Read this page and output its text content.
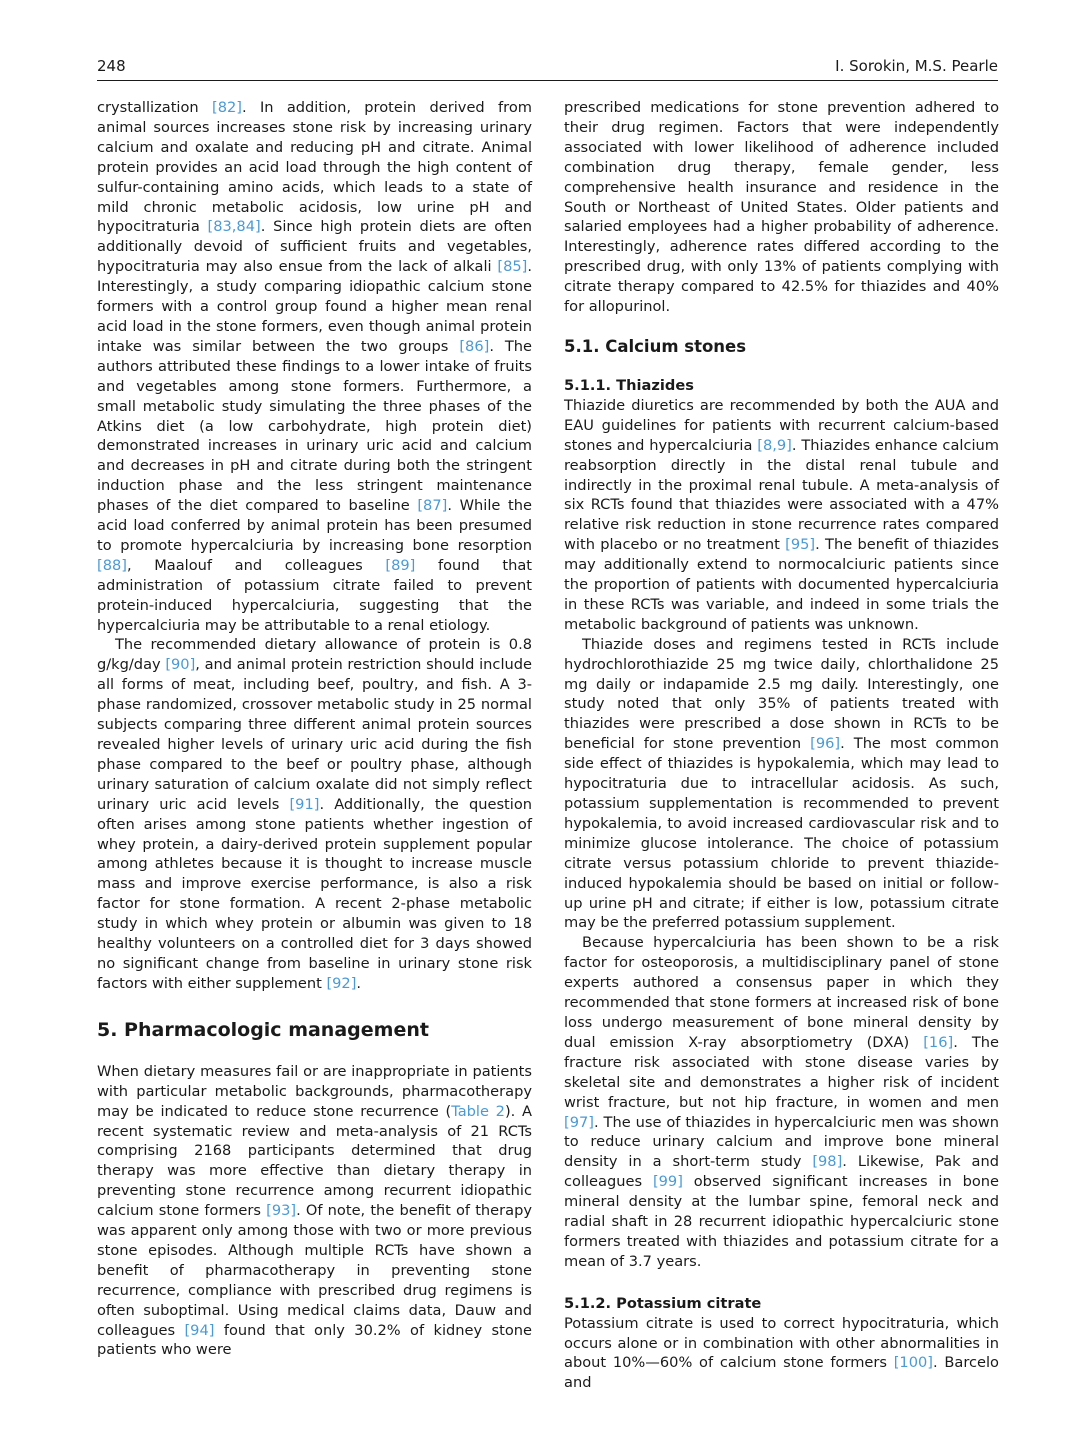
248	I. Sorokin, M.S. Pearle

crystallization [82]. In addition, protein derived from animal sources increases stone risk by increasing urinary calcium and oxalate and reducing pH and citrate. Animal protein provides an acid load through the high content of sulfur-containing amino acids, which leads to a state of mild chronic metabolic acidosis, low urine pH and hypocitraturia [83,84]. Since high protein diets are often additionally devoid of sufficient fruits and vegetables, hypocitraturia may also ensue from the lack of alkali [85]. Interestingly, a study comparing idiopathic calcium stone formers with a control group found a higher mean renal acid load in the stone formers, even though animal protein intake was similar between the two groups [86]. The authors attributed these findings to a lower intake of fruits and vegetables among stone formers. Furthermore, a small metabolic study simulating the three phases of the Atkins diet (a low carbohydrate, high protein diet) demonstrated increases in urinary uric acid and calcium and decreases in pH and citrate during both the stringent induction phase and the less stringent maintenance phases of the diet compared to baseline [87]. While the acid load conferred by animal protein has been presumed to promote hypercalciuria by increasing bone resorption [88], Maalouf and colleagues [89] found that administration of potassium citrate failed to prevent protein-induced hypercalciuria, suggesting that the hypercalciuria may be attributable to a renal etiology.

The recommended dietary allowance of protein is 0.8 g/kg/day [90], and animal protein restriction should include all forms of meat, including beef, poultry, and fish. A 3-phase randomized, crossover metabolic study in 25 normal subjects comparing three different animal protein sources revealed higher levels of urinary uric acid during the fish phase compared to the beef or poultry phase, although urinary saturation of calcium oxalate did not simply reflect urinary uric acid levels [91]. Additionally, the question often arises among stone patients whether ingestion of whey protein, a dairy-derived protein supplement popular among athletes because it is thought to increase muscle mass and improve exercise performance, is also a risk factor for stone formation. A recent 2-phase metabolic study in which whey protein or albumin was given to 18 healthy volunteers on a controlled diet for 3 days showed no significant change from baseline in urinary stone risk factors with either supplement [92].

5. Pharmacologic management

When dietary measures fail or are inappropriate in patients with particular metabolic backgrounds, pharmacotherapy may be indicated to reduce stone recurrence (Table 2). A recent systematic review and meta-analysis of 21 RCTs comprising 2168 participants determined that drug therapy was more effective than dietary therapy in preventing stone recurrence among recurrent idiopathic calcium stone formers [93]. Of note, the benefit of therapy was apparent only among those with two or more previous stone episodes. Although multiple RCTs have shown a benefit of pharmacotherapy in preventing stone recurrence, compliance with prescribed drug regimens is often suboptimal. Using medical claims data, Dauw and colleagues [94] found that only 30.2% of kidney stone patients who were

prescribed medications for stone prevention adhered to their drug regimen. Factors that were independently associated with lower likelihood of adherence included combination drug therapy, female gender, less comprehensive health insurance and residence in the South or Northeast of United States. Older patients and salaried employees had a higher probability of adherence. Interestingly, adherence rates differed according to the prescribed drug, with only 13% of patients complying with citrate therapy compared to 42.5% for thiazides and 40% for allopurinol.

5.1. Calcium stones
5.1.1. Thiazides

Thiazide diuretics are recommended by both the AUA and EAU guidelines for patients with recurrent calcium-based stones and hypercalciuria [8,9]. Thiazides enhance calcium reabsorption directly in the distal renal tubule and indirectly in the proximal renal tubule. A meta-analysis of six RCTs found that thiazides were associated with a 47% relative risk reduction in stone recurrence rates compared with placebo or no treatment [95]. The benefit of thiazides may additionally extend to normocalciuric patients since the proportion of patients with documented hypercalciuria in these RCTs was variable, and indeed in some trials the metabolic background of patients was unknown.

Thiazide doses and regimens tested in RCTs include hydrochlorothiazide 25 mg twice daily, chlorthalidone 25 mg daily or indapamide 2.5 mg daily. Interestingly, one study noted that only 35% of patients treated with thiazides were prescribed a dose shown in RCTs to be beneficial for stone prevention [96]. The most common side effect of thiazides is hypokalemia, which may lead to hypocitraturia due to intracellular acidosis. As such, potassium supplementation is recommended to prevent hypokalemia, to avoid increased cardiovascular risk and to minimize glucose intolerance. The choice of potassium citrate versus potassium chloride to prevent thiazide-induced hypokalemia should be based on initial or follow-up urine pH and citrate; if either is low, potassium citrate may be the preferred potassium supplement.

Because hypercalciuria has been shown to be a risk factor for osteoporosis, a multidisciplinary panel of stone experts authored a consensus paper in which they recommended that stone formers at increased risk of bone loss undergo measurement of bone mineral density by dual emission X-ray absorptiometry (DXA) [16]. The fracture risk associated with stone disease varies by skeletal site and demonstrates a higher risk of incident wrist fracture, but not hip fracture, in women and men [97]. The use of thiazides in hypercalciuric men was shown to reduce urinary calcium and improve bone mineral density in a short-term study [98]. Likewise, Pak and colleagues [99] observed significant increases in bone mineral density at the lumbar spine, femoral neck and radial shaft in 28 recurrent idiopathic hypercalciuric stone formers treated with thiazides and potassium citrate for a mean of 3.7 years.

5.1.2. Potassium citrate

Potassium citrate is used to correct hypocitraturia, which occurs alone or in combination with other abnormalities in about 10%—60% of calcium stone formers [100]. Barcelo and
